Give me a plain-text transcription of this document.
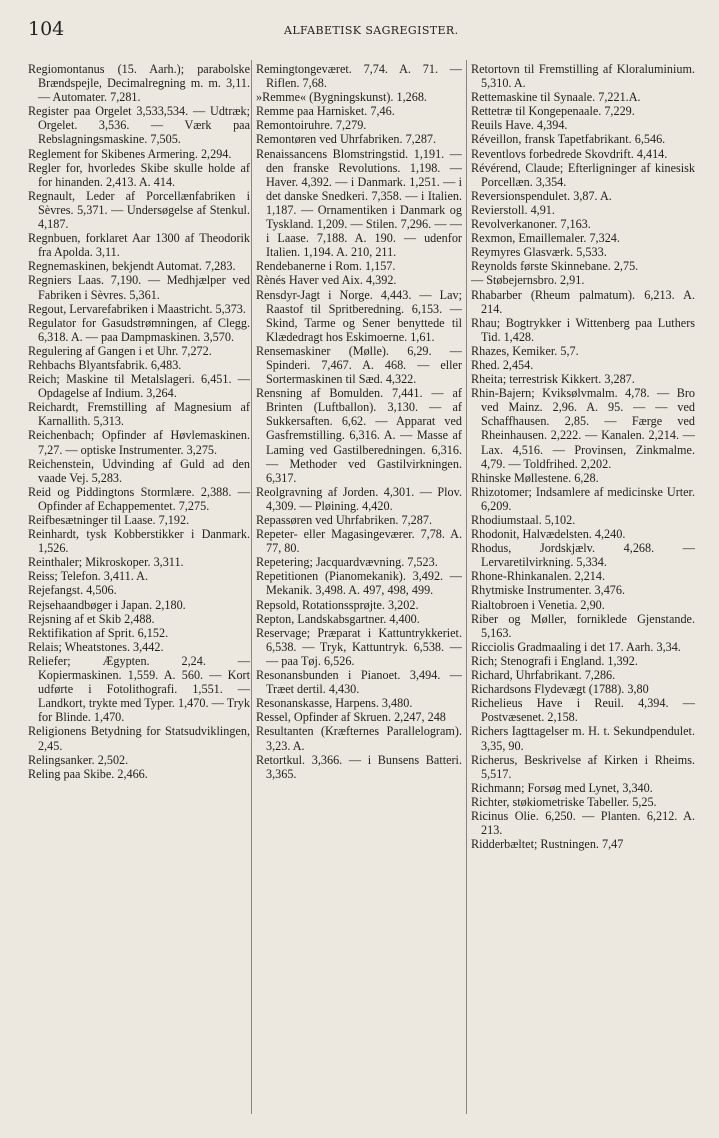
104	ALFABETISK SAGREGISTER.

Regiomontanus (15. Aarh.); parabolske Brændspejle, Decimalregning m. m. 3,11. — Automater. 7,281.

Register paa Orgelet 3,533,534. — Udtræk; Orgelet. 3,536. — Værk paa Rebslagningsmaskine. 7,505.

Reglement for Skibenes Armering. 2,294.

Regler for, hvorledes Skibe skulle holde af for hinanden. 2,413. A. 414.

Regnault, Leder af Porcellænfabriken i Sèvres. 5,371. — Undersøgelse af Stenkul. 4,187.

Regnbuen, forklaret Aar 1300 af Theodorik fra Apolda. 3,11.

Regnemaskinen, bekjendt Automat. 7,283.

Regniers Laas. 7,190. — Medhjælper ved Fabriken i Sèvres. 5,361.

Regout, Lervarefabriken i Maastricht. 5,373.

Regulator for Gasudstrømningen, af Clegg. 6,318. A. — paa Dampmaskinen. 3,570.

Regulering af Gangen i et Uhr. 7,272.

Rehbachs Blyantsfabrik. 6,483.

Reich; Maskine til Metalslageri. 6,451. — Opdagelse af Indium. 3,264.

Reichardt, Fremstilling af Magnesium af Karnallith. 5,313.

Reichenbach; Opfinder af Høvlemaskinen. 7,27. — optiske Instrumenter. 3,275.

Reichenstein, Udvinding af Guld ad den vaade Vej. 5,283.

Reid og Piddingtons Stormlære. 2,388. — Opfinder af Echappementet. 7,275.

Reifbesætninger til Laase. 7,192.

Reinhardt, tysk Kobberstikker i Danmark. 1,526.

Reinthaler; Mikroskoper. 3,311.

Reiss; Telefon. 3,411. A.

Rejefangst. 4,506.

Rejsehaandbøger i Japan. 2,180.

Rejsning af et Skib 2,488.

Rektifikation af Sprit. 6,152.

Relais; Wheatstones. 3,442.

Reliefer; Ægypten. 2,24. — Kopiermaskinen. 1,559. A. 560. — Kort udførte i Fotolithografi. 1,551. — Landkort, trykte med Typer. 1,470. — Tryk for Blinde. 1,470.

Religionens Betydning for Statsudviklingen, 2,45.

Relingsanker. 2,502.

Reling paa Skibe. 2,466.

Remingtongeværet. 7,74. A. 71. — Riflen. 7,68.

»Remme« (Bygningskunst). 1,268.

Remme paa Harnisket. 7,46.

Remontoiruhre. 7,279.

Remontøren ved Uhrfabriken. 7,287.

Renaissancens Blomstringstid. 1,191. — den franske Revolutions. 1,198. — Haver. 4,392. — i Danmark. 1,251. — i det danske Snedkeri. 7,358. — i Italien. 1,187. — Ornamentiken i Danmark og Tyskland. 1,209. — Stilen. 7,296. — — i Laase. 7,188. A. 190. — udenfor Italien. 1,194. A. 210, 211.

Rendebanerne i Rom. 1,157.

Rènés Haver ved Aix. 4,392.

Rensdyr-Jagt i Norge. 4,443. — Lav; Raastof til Spritberedning. 6,153. — Skind, Tarme og Sener benyttede til Klædedragt hos Eskimoerne. 1,61.

Rensemaskiner (Mølle). 6,29. — Spinderi. 7,467. A. 468. — eller Sortermaskinen til Sæd. 4,322.

Rensning af Bomulden. 7,441. — af Brinten (Luftballon). 3,130. — af Sukkersaften. 6,62. — Apparat ved Gasfremstilling. 6,316. A. — Masse af Laming ved Gastilberedningen. 6,316. — Methoder ved Gastilvirkningen. 6,317.

Reolgravning af Jorden. 4,301. — Plov. 4,309. — Pløining. 4,420.

Repassøren ved Uhrfabriken. 7,287.

Repeter- eller Magasingeværer. 7,78. A. 77, 80.

Repetering; Jacquardvævning. 7,523.

Repetitionen (Pianomekanik). 3,492. — Mekanik. 3,498. A. 497, 498, 499.

Repsold, Rotationssprøjte. 3,202.

Repton, Landskabsgartner. 4,400.

Reservage; Præparat i Kattuntrykkeriet. 6,538. — Tryk, Kattuntryk. 6,538. — — paa Tøj. 6,526.

Resonansbunden i Pianoet. 3,494. — Træet dertil. 4,430.

Resonanskasse, Harpens. 3,480.

Ressel, Opfinder af Skruen. 2,247, 248

Resultanten (Kræfternes Parallelogram). 3,23. A.

Retortkul. 3,366. — i Bunsens Batteri. 3,365.

Retortovn til Fremstilling af Kloraluminium. 5,310. A.

Rettemaskine til Synaale. 7,221.A.

Rettetræ til Kongepenaale. 7,229.

Reuils Have. 4,394.

Réveillon, fransk Tapetfabrikant. 6,546.

Reventlovs forbedrede Skovdrift. 4,414.

Révérend, Claude; Efterligninger af kinesisk Porcellæn. 3,354.

Reversionspendulet. 3,87. A.

Revierstoll. 4,91.

Revolverkanoner. 7,163.

Rexmon, Emaillemaler. 7,324.

Reymyres Glasværk. 5,533.

Reynolds første Skinnebane. 2,75.

— Støbejernsbro. 2,91.

Rhabarber (Rheum palmatum). 6,213. A. 214.

Rhau; Bogtrykker i Wittenberg paa Luthers Tid. 1,428.

Rhazes, Kemiker. 5,7.

Rhed. 2,454.

Rheita; terrestrisk Kikkert. 3,287.

Rhin-Bajern; Kviksølvmalm. 4,78. — Bro ved Mainz. 2,96. A. 95. — — ved Schaffhausen. 2,85. — Færge ved Rheinhausen. 2,222. — Kanalen. 2,214. — Lax. 4,516. — Provinsen, Zinkmalme. 4,79. — Toldfrihed. 2,202.

Rhinske Møllestene. 6,28.

Rhizotomer; Indsamlere af medicinske Urter. 6,209.

Rhodiumstaal. 5,102.

Rhodonit, Halvædelsten. 4,240.

Rhodus, Jordskjælv. 4,268. — Lervaretilvirkning. 5,334.

Rhone-Rhinkanalen. 2,214.

Rhytmiske Instrumenter. 3,476.

Rialtobroen i Venetia. 2,90.

Riber og Møller, forniklede Gjenstande. 5,163.

Ricciolis Gradmaaling i det 17. Aarh. 3,34.

Rich; Stenografi i England. 1,392.

Richard, Uhrfabrikant. 7,286.

Richardsons Flydevægt (1788). 3,80

Richelieus Have i Reuil. 4,394. — Postvæsenet. 2,158.

Richers Iagttagelser m. H. t. Sekundpendulet. 3,35, 90.

Richerus, Beskrivelse af Kirken i Rheims. 5,517.

Richmann; Forsøg med Lynet, 3,340.

Richter, støkiometriske Tabeller. 5,25.

Ricinus Olie. 6,250. — Planten. 6,212. A. 213.

Ridderbæltet; Rustningen. 7,47
